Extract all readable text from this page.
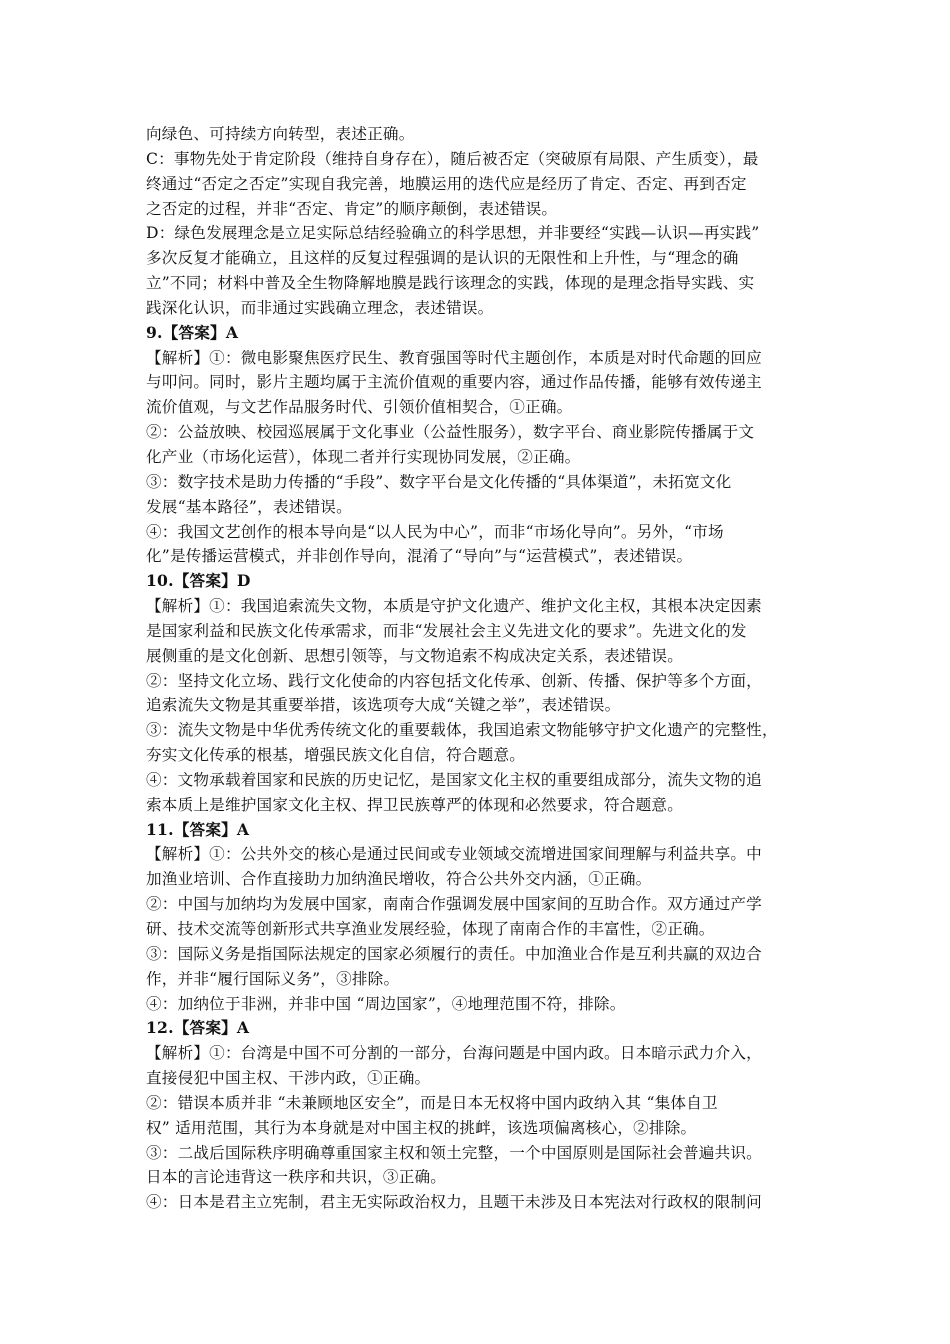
向绿色、可持续方向转型，表述正确。
C：事物先处于肯定阶段（维持自身存在），随后被否定（突破原有局限、产生质变），最
终通过“否定之否定”实现自我完善，地膜运用的迭代应是经历了肯定、否定、再到否定
之否定的过程，并非“否定、肯定”的顺序颠倒，表述错误。
D：绿色发展理念是立足实际总结经验确立的科学思想，并非要经“实践—认识—再实践”
多次反复才能确立，且这样的反复过程强调的是认识的无限性和上升性，与“理念的确
立”不同；材料中普及全生物降解地膜是践行该理念的实践，体现的是理念指导实践、实
践深化认识，而非通过实践确立理念，表述错误。
9.【答案】A
【解析】①：微电影聚焦医疗民生、教育强国等时代主题创作，本质是对时代命题的回应
与叩问。同时，影片主题均属于主流价值观的重要内容，通过作品传播，能够有效传递主
流价值观，与文艺作品服务时代、引领价值相契合，①正确。
②：公益放映、校园巡展属于文化事业（公益性服务），数字平台、商业影院传播属于文
化产业（市场化运营），体现二者并行实现协同发展，②正确。
③：数字技术是助力传播的“手段”、数字平台是文化传播的“具体渠道”，未拓宽文化
发展“基本路径”，表述错误。
④：我国文艺创作的根本导向是“以人民为中心”，而非“市场化导向”。另外，“市场
化”是传播运营模式，并非创作导向，混淆了“导向”与“运营模式”，表述错误。
10.【答案】D
【解析】①：我国追索流失文物，本质是守护文化遗产、维护文化主权，其根本决定因素
是国家利益和民族文化传承需求，而非“发展社会主义先进文化的要求”。先进文化的发
展侧重的是文化创新、思想引领等，与文物追索不构成决定关系，表述错误。
②：坚持文化立场、践行文化使命的内容包括文化传承、创新、传播、保护等多个方面，
追索流失文物是其重要举措，该选项夸大成“关键之举”，表述错误。
③：流失文物是中华优秀传统文化的重要载体，我国追索文物能够守护文化遗产的完整性，
夯实文化传承的根基，增强民族文化自信，符合题意。
④：文物承载着国家和民族的历史记忆，是国家文化主权的重要组成部分，流失文物的追
索本质上是维护国家文化主权、捍卫民族尊严的体现和必然要求，符合题意。
11.【答案】A
【解析】①：公共外交的核心是通过民间或专业领域交流增进国家间理解与利益共享。中
加渔业培训、合作直接助力加纳渔民增收，符合公共外交内涵，①正确。
②：中国与加纳均为发展中国家，南南合作强调发展中国家间的互助合作。双方通过产学
研、技术交流等创新形式共享渔业发展经验，体现了南南合作的丰富性，②正确。
③：国际义务是指国际法规定的国家必须履行的责任。中加渔业合作是互利共赢的双边合
作，并非“履行国际义务”，③排除。
④：加纳位于非洲，并非中国 “周边国家”，④地理范围不符，排除。
12.【答案】A
【解析】①：台湾是中国不可分割的一部分，台海问题是中国内政。日本暗示武力介入，
直接侵犯中国主权、干涉内政，①正确。
②：错误本质并非 “未兼顾地区安全”，而是日本无权将中国内政纳入其 “集体自卫
权” 适用范围，其行为本身就是对中国主权的挑衅，该选项偏离核心，②排除。
③：二战后国际秩序明确尊重国家主权和领土完整，一个中国原则是国际社会普遍共识。
日本的言论违背这一秩序和共识，③正确。
④：日本是君主立宪制，君主无实际政治权力，且题干未涉及日本宪法对行政权的限制问
